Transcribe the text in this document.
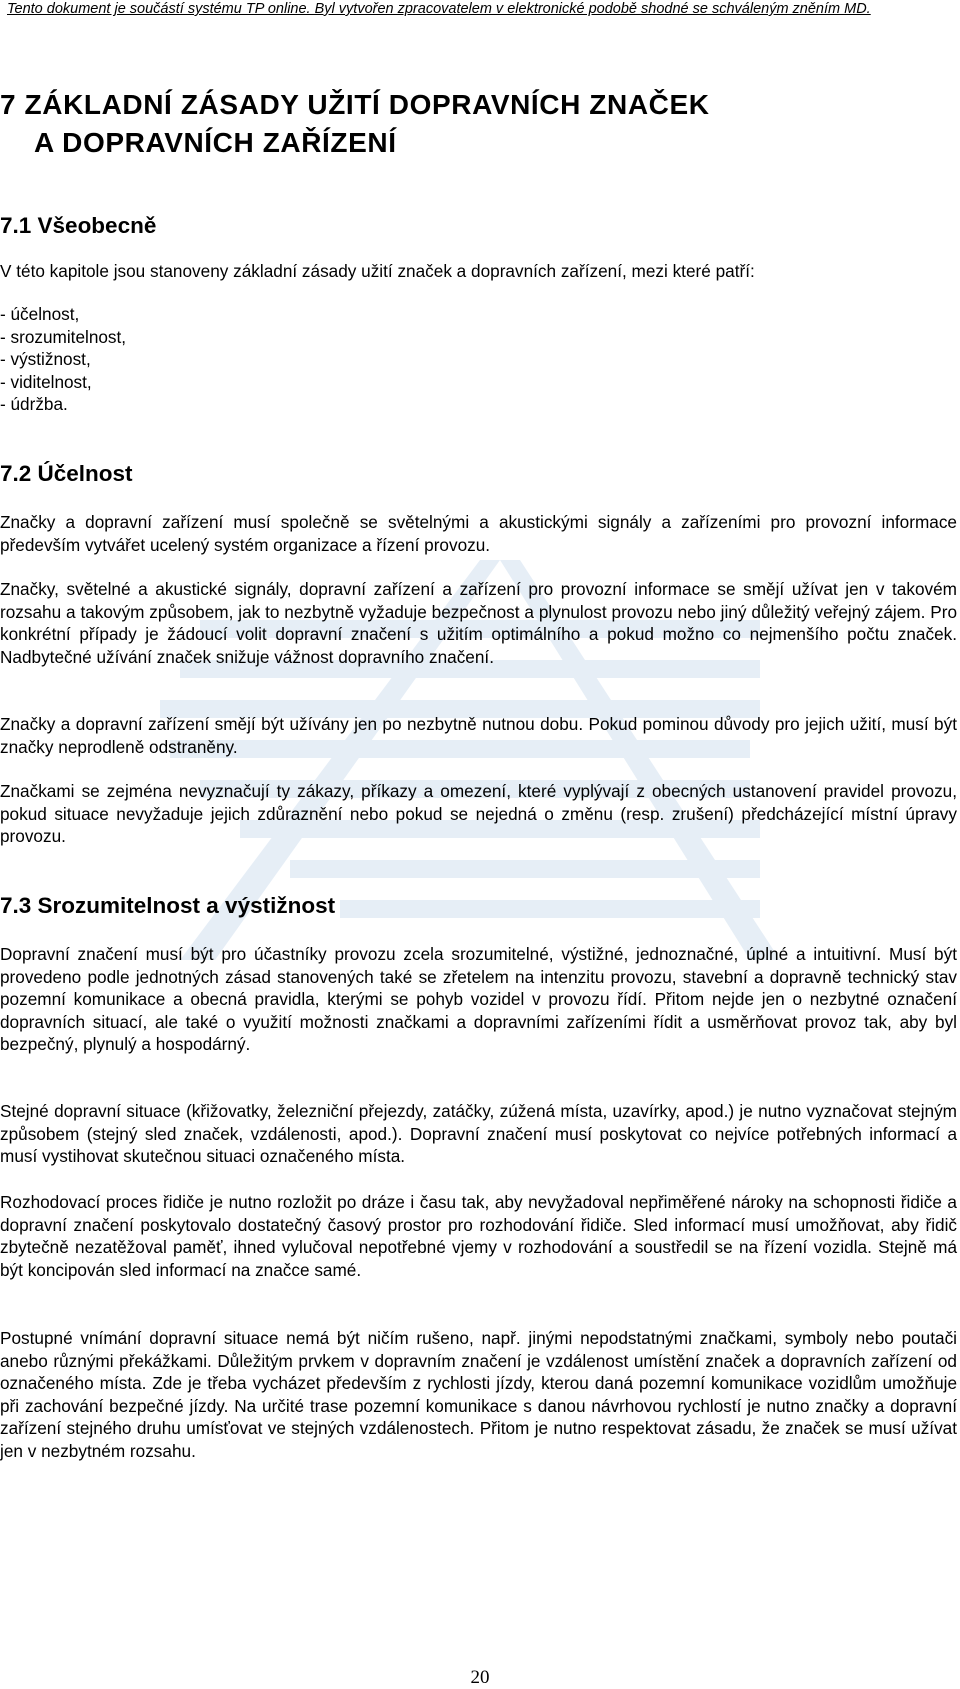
Tento dokument je součástí systému TP online. Byl vytvořen zpracovatelem v elektronické podobě shodné se schváleným zněním MD.
7 ZÁKLADNÍ ZÁSADY UŽITÍ DOPRAVNÍCH ZNAČEK
A DOPRAVNÍCH ZAŘÍZENÍ
7.1 Všeobecně
V této kapitole jsou stanoveny základní zásady užití značek a dopravních zařízení, mezi které patří:
- účelnost,
- srozumitelnost,
- výstižnost,
- viditelnost,
- údržba.
7.2 Účelnost
Značky a dopravní zařízení musí společně se světelnými a akustickými signály a zařízeními pro provozní informace především vytvářet ucelený systém organizace a řízení provozu.
Značky, světelné a akustické signály, dopravní zařízení a zařízení pro provozní informace se smějí užívat jen v takovém rozsahu a takovým způsobem, jak to nezbytně vyžaduje bezpečnost a plynulost provozu nebo jiný důležitý veřejný zájem. Pro konkrétní případy je žádoucí volit dopravní značení s užitím optimálního a pokud možno co nejmenšího počtu značek. Nadbytečné užívání značek snižuje vážnost dopravního značení.
Značky a dopravní zařízení smějí být užívány jen po nezbytně nutnou dobu. Pokud pominou důvody pro jejich užití, musí být značky neprodleně odstraněny.
Značkami se zejména nevyznačují ty zákazy, příkazy a omezení, které vyplývají z obecných ustanovení pravidel provozu, pokud situace nevyžaduje jejich zdůraznění nebo pokud se nejedná o změnu (resp. zrušení) předcházející místní úpravy provozu.
7.3 Srozumitelnost a výstižnost
Dopravní značení musí být pro účastníky provozu zcela srozumitelné, výstižné, jednoznačné, úplné a intuitivní. Musí být provedeno podle jednotných zásad stanovených také se zřetelem na intenzitu provozu, stavební a dopravně technický stav pozemní komunikace a obecná pravidla, kterými se pohyb vozidel v provozu řídí. Přitom nejde jen o nezbytné označení dopravních situací, ale také o využití možnosti značkami a dopravními zařízeními řídit a usměrňovat provoz tak, aby byl bezpečný, plynulý a hospodárný.
Stejné dopravní situace (křižovatky, železniční přejezdy, zatáčky, zúžená místa, uzavírky, apod.) je nutno vyznačovat stejným způsobem (stejný sled značek, vzdálenosti, apod.). Dopravní značení musí poskytovat co nejvíce potřebných informací a musí vystihovat skutečnou situaci označeného místa.
Rozhodovací proces řidiče je nutno rozložit po dráze i času tak, aby nevyžadoval nepřiměřené nároky na schopnosti řidiče a dopravní značení poskytovalo dostatečný časový prostor pro rozhodování řidiče. Sled informací musí umožňovat, aby řidič zbytečně nezatěžoval paměť, ihned vylučoval nepotřebné vjemy v rozhodování a soustředil se na řízení vozidla. Stejně má být koncipován sled informací na značce samé.
Postupné vnímání dopravní situace nemá být ničím rušeno, např. jinými nepodstatnými značkami, symboly nebo poutači anebo různými překážkami. Důležitým prvkem v dopravním značení je vzdálenost umístění značek a dopravních zařízení od označeného místa. Zde je třeba vycházet především z rychlosti jízdy, kterou daná pozemní komunikace vozidlům umožňuje při zachování bezpečné jízdy. Na určité trase pozemní komunikace s danou návrhovou rychlostí je nutno značky a dopravní zařízení stejného druhu umísťovat ve stejných vzdálenostech. Přitom je nutno respektovat zásadu, že značek se musí užívat jen v nezbytném rozsahu.
20
